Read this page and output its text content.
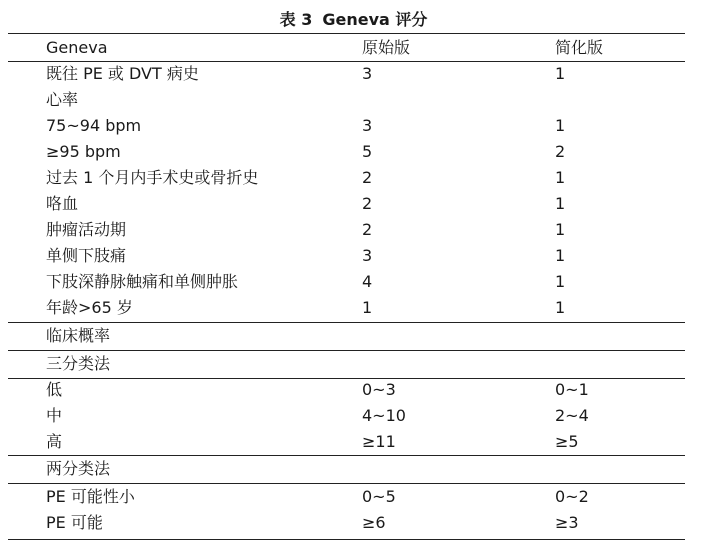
表 3 Geneva 评分
Geneva	原始版	简化版
既往 PE 或 DVT 病史	3	1
心率
75~94 bpm	3	1
≥95 bpm	5	2
过去 1 个月内手术史或骨折史	2	1
咯血	2	1
肿瘤活动期	2	1
单侧下肢痛	3	1
下肢深静脉触痛和单侧肿胀	4	1
年龄>65 岁	1	1
临床概率
三分类法
低	0~3	0~1
中	4~10	2~4
高	≥11	≥5
两分类法
PE 可能性小	0~5	0~2
PE 可能	≥6	≥3
